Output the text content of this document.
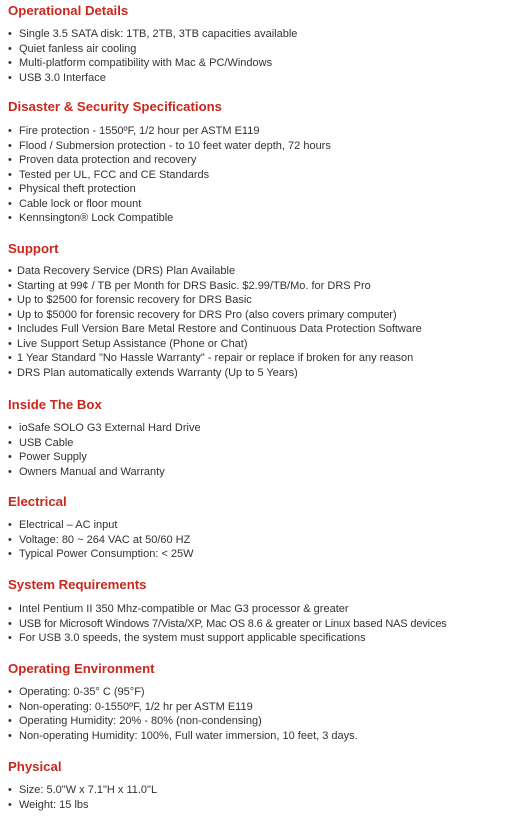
Operational Details
• Single 3.5 SATA disk: 1TB, 2TB, 3TB capacities available
• Quiet fanless air cooling
• Multi-platform compatibility with Mac & PC/Windows
• USB 3.0 Interface
Disaster & Security Specifications
• Fire protection - 1550ºF, 1/2 hour per ASTM E119
• Flood / Submersion protection - to 10 feet water depth, 72 hours
• Proven data protection and recovery
• Tested per UL, FCC and CE Standards
• Physical theft protection
• Cable lock or floor mount
• Kennsington® Lock Compatible
Support
• Data Recovery Service (DRS) Plan Available
• Starting at 99¢ / TB per Month for DRS Basic. $2.99/TB/Mo. for DRS Pro
• Up to $2500 for forensic recovery for DRS Basic
• Up to $5000 for forensic recovery for DRS Pro (also covers primary computer)
• Includes Full Version Bare Metal Restore and Continuous Data Protection Software
• Live Support Setup Assistance (Phone or Chat)
• 1 Year Standard "No Hassle Warranty" - repair or replace if broken for any reason
• DRS Plan automatically extends Warranty (Up to 5 Years)
Inside The Box
• ioSafe SOLO G3 External Hard Drive
• USB Cable
• Power Supply
• Owners Manual and Warranty
Electrical
• Electrical – AC input
• Voltage: 80 ~ 264 VAC at 50/60 HZ
• Typical Power Consumption: < 25W
System Requirements
• Intel Pentium II 350 Mhz-compatible or Mac G3 processor & greater
• USB for Microsoft Windows 7/Vista/XP, Mac OS 8.6 & greater or Linux based NAS devices
• For USB 3.0 speeds, the system must support applicable specifications
Operating Environment
• Operating: 0-35° C (95°F)
• Non-operating: 0-1550ºF, 1/2 hr per ASTM E119
• Operating Humidity: 20% - 80% (non-condensing)
• Non-operating Humidity: 100%, Full water immersion, 10 feet, 3 days.
Physical
• Size: 5.0"W x 7.1"H x 11.0"L
• Weight: 15 lbs
